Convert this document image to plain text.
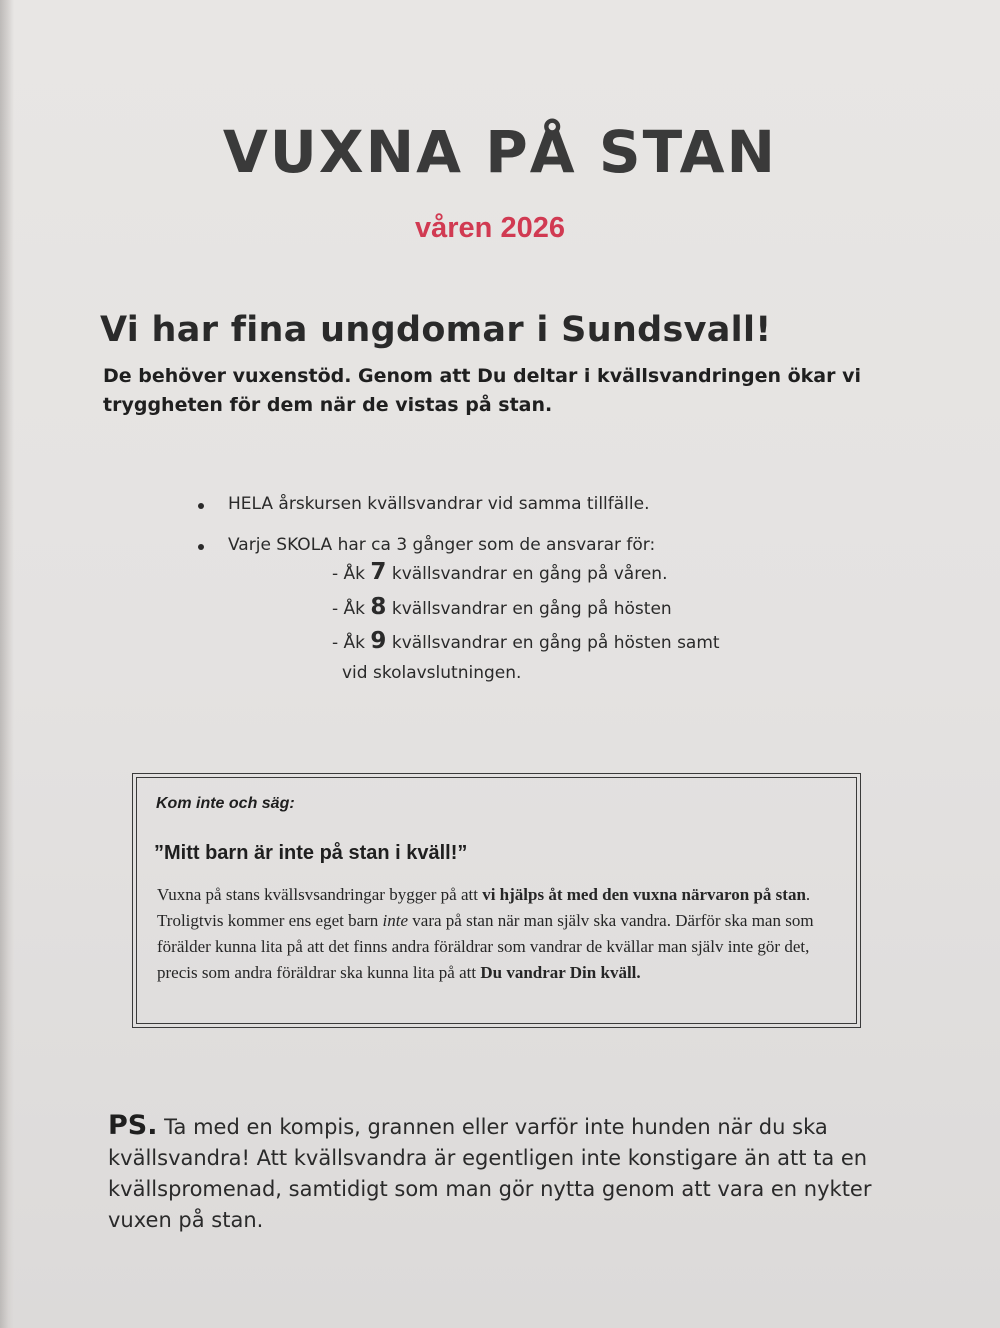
VUXNA PÅ STAN

våren 2026

Vi har fina ungdomar i Sundsvall!

De behöver vuxenstöd. Genom att Du deltar i kvällsvandringen ökar vi tryggheten för dem när de vistas på stan.

HELA årskursen kvällsvandrar vid samma tillfälle.
Varje SKOLA har ca 3 gånger som de ansvarar för:
- Åk 7 kvällsvandrar en gång på våren.
- Åk 8 kvällsvandrar en gång på hösten
- Åk 9 kvällsvandrar en gång på hösten samt
vid skolavslutningen.

Kom inte och säg:

”Mitt barn är inte på stan i kväll!”

Vuxna på stans kvällsvsandringar bygger på att vi hjälps åt med den vuxna närvaron på stan. Troligtvis kommer ens eget barn inte vara på stan när man själv ska vandra. Därför ska man som förälder kunna lita på att det finns andra föräldrar som vandrar de kvällar man själv inte gör det, precis som andra föräldrar ska kunna lita på att Du vandrar Din kväll.

PS. Ta med en kompis, grannen eller varför inte hunden när du ska kvällsvandra! Att kvällsvandra är egentligen inte konstigare än att ta en kvällspromenad, samtidigt som man gör nytta genom att vara en nykter vuxen på stan.
